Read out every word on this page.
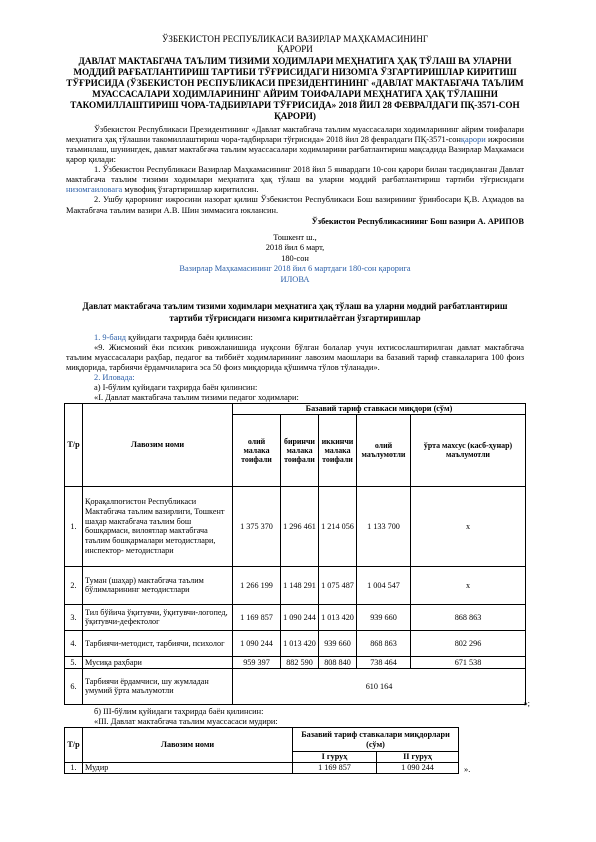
ЎЗБЕКИСТОН РЕСПУБЛИКАСИ ВАЗИРЛАР МАҲКАМАСИНИНГ
ҚАРОРИ
ДАВЛАТ МАКТАБГАЧА ТАЪЛИМ ТИЗИМИ ХОДИМЛАРИ МЕҲНАТИГА ҲАҚ ТЎЛАШ ВА УЛАРНИ МОДДИЙ РАҒБАТЛАНТИРИШ ТАРТИБИ ТЎҒРИСИДАГИ НИЗОМГА ЎЗГАРТИРИШЛАР КИРИТИШ ТЎҒРИСИДА (ЎЗБЕКИСТОН РЕСПУБЛИКАСИ ПРЕЗИДЕНТИНИНГ «ДАВЛАТ МАКТАБГАЧА ТАЪЛИМ МУАССАСАЛАРИ ХОДИМЛАРИНИНГ АЙРИМ ТОИФАЛАРИ МЕҲНАТИГА ҲАҚ ТЎЛАШНИ ТАКОМИЛЛАШТИРИШ ЧОРА-ТАДБИРЛАРИ ТЎҒРИСИДА» 2018 ЙИЛ 28 ФЕВРАЛДАГИ ПҚ-3571-СОН ҚАРОРИ)

Ўзбекистон Республикаси Президентининг «Давлат мактабгача таълим муассасалари ходимларининг айрим тоифалари меҳнатига ҳақ тўлашни такомиллаштириш чора-тадбирлари тўғрисида» 2018 йил 28 февралдаги ПҚ-3571-сонқарори ижросини таъминлаш, шунингдек, давлат мактабгача таълим муассасалари ходимларини рағбатлантириш мақсадида Вазирлар Маҳкамаси қарор қилади:

1. Ўзбекистон Республикаси Вазирлар Маҳкамасининг 2018 йил 5 январдаги 10-сон қарори билан тасдиқланган Давлат мактабгача таълим тизими ходимлари меҳнатига ҳақ тўлаш ва уларни моддий рағбатлантириш тартиби тўғрисидаги низомгаиловага мувофиқ ўзгартиришлар киритилсин.

2. Ушбу қарорнинг ижросини назорат қилиш Ўзбекистон Республикаси Бош вазирининг ўринбосари Қ.В. Аҳмадов ва Мактабгача таълим вазири А.В. Шин зиммасига юклансин.

Ўзбекистон Республикасининг Бош вазири А. АРИПОВ
Тошкент ш.,
2018 йил 6 март,
180-сон
Вазирлар Маҳкамасининг 2018 йил 6 мартдаги 180-сон қарорига
ИЛОВА
Давлат мактабгача таълим тизими ходимлари меҳнатига ҳақ тўлаш ва уларни моддий рағбатлантириш тартиби тўғрисидаги низомга киритилаётган ўзгартиришлар

1. 9-банд қуйидаги таҳрирда баён қилинсин:

«9. Жисмоний ёки психик ривожланишида нуқсони бўлган болалар учун ихтисослаштирилган давлат мактабгача таълим муассасалари раҳбар, педагог ва тиббиёт ходимларининг лавозим маошлари ва базавий тариф ставкаларига 100 фоиз миқдорида, тарбиячи ёрдамчиларига эса 50 фоиз миқдорида қўшимча тўлов тўланади».

2. Иловада:

а) I-бўлим қуйидаги таҳрирда баён қилинсин:

«I. Давлат мактабгача таълим тизими педагог ходимлари:

Т/р	Лавозим номи	Базавий тариф ставкаси миқдори (сўм)				
		олий малака тоифали	биринчи малака тоифали	иккинчи малака тоифали	олий маълумотли	ўрта махсус (касб-ҳунар) маълумотли
1.	Қорақалпоғистон Республикаси Мактабгача таълим вазирлиги, Тошкент шаҳар мактабгача таълим бош бошқармаси, вилоятлар мактабгача таълим бошқармалари методистлари, инспектор- методистлари	1 375 370	1 296 461	1 214 056	1 133 700	x
2.	Туман (шаҳар) мактабгача таълим бўлимларининг методистлари	1 266 199	1 148 291	1 075 487	1 004 547	x
3.	Тил бўйича ўқитувчи, ўқитувчи-логопед, ўқитувчи-дефектолог	1 169 857	1 090 244	1 013 420	939 660	868 863
4.	Тарбиячи-методист, тарбиячи, психолог	1 090 244	1 013 420	939 660	868 863	802 296
5.	Мусиқа раҳбари	959 397	882 590	808 840	738 464	671 538
6.	Тарбиячи ёрдамчиси, шу жумладан умумий ўрта маълумотли	610 164				
»;

б) III-бўлим қуйидаги таҳрирда баён қилинсин:

«III. Давлат мактабгача таълим муассасаси мудири:

Т/р	Лавозим номи	Базавий тариф ставкалари миқдорлари (сўм)	
		I гуруҳ	II гуруҳ
1.	Мудир	1 169 857	1 090 244	».
